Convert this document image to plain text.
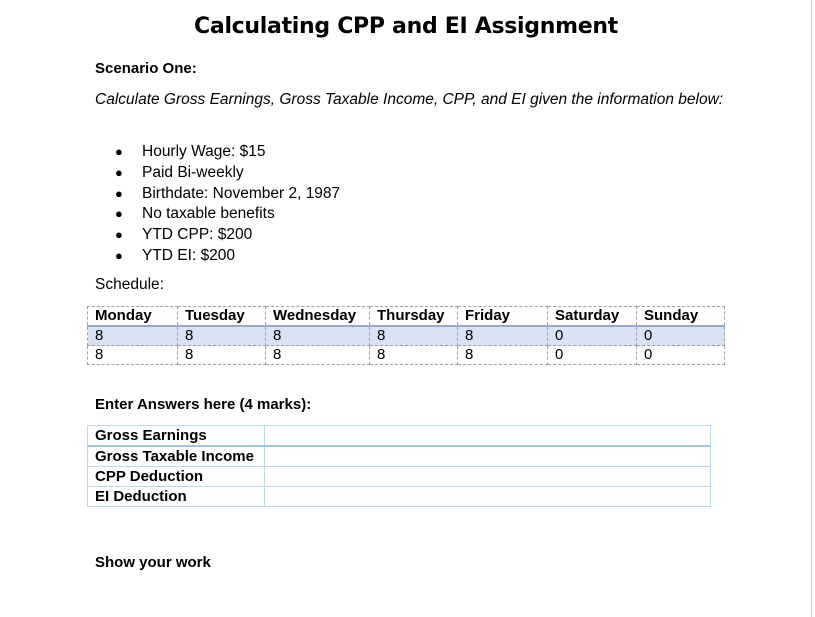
Calculating CPP and EI Assignment
Scenario One:
Calculate Gross Earnings, Gross Taxable Income, CPP, and EI given the information below:
● Hourly Wage: $15
● Paid Bi-weekly
● Birthdate: November 2, 1987
● No taxable benefits
● YTD CPP: $200
● YTD EI: $200
Schedule:
Monday	Tuesday	Wednesday	Thursday	Friday	Saturday	Sunday
8	8	8	8	8	0	0
8	8	8	8	8	0	0
Enter Answers here (4 marks):
Gross Earnings	
Gross Taxable Income	
CPP Deduction	
EI Deduction	
Show your work
